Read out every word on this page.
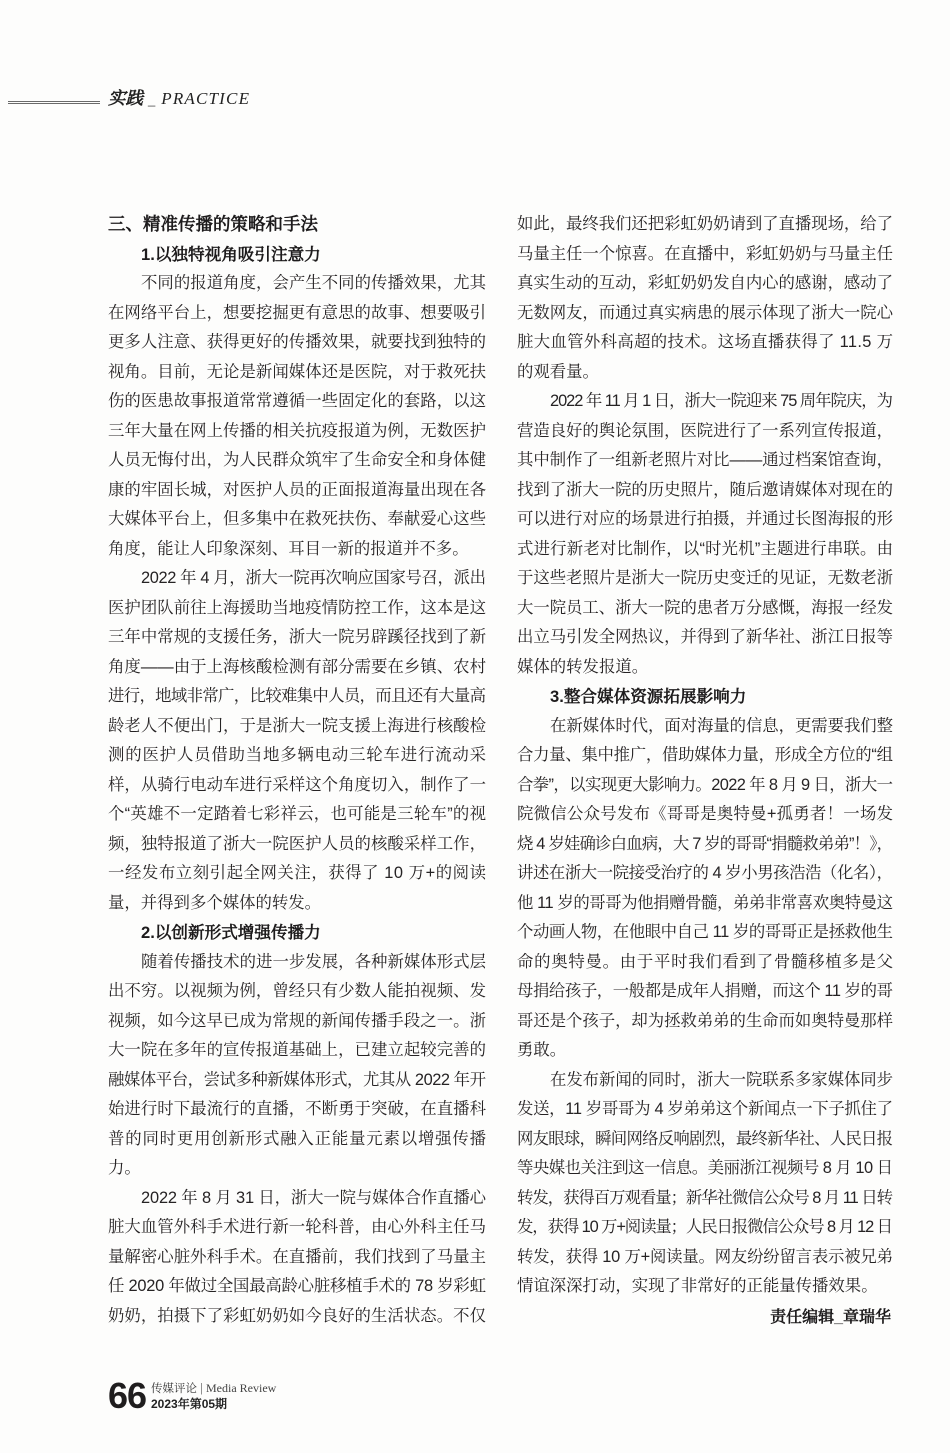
实践 _ PRACTICE
三、精准传播的策略和手法
1.以独特视角吸引注意力
不同的报道角度，会产生不同的传播效果，尤其
在网络平台上，想要挖掘更有意思的故事、想要吸引
更多人注意、获得更好的传播效果，就要找到独特的
视角。目前，无论是新闻媒体还是医院，对于救死扶
伤的医患故事报道常常遵循一些固定化的套路，以这
三年大量在网上传播的相关抗疫报道为例，无数医护
人员无悔付出，为人民群众筑牢了生命安全和身体健
康的牢固长城，对医护人员的正面报道海量出现在各
大媒体平台上，但多集中在救死扶伤、奉献爱心这些
角度，能让人印象深刻、耳目一新的报道并不多。
2022 年 4 月，浙大一院再次响应国家号召，派出
医护团队前往上海援助当地疫情防控工作，这本是这
三年中常规的支援任务，浙大一院另辟蹊径找到了新
角度——由于上海核酸检测有部分需要在乡镇、农村
进行，地域非常广，比较难集中人员，而且还有大量高
龄老人不便出门，于是浙大一院支援上海进行核酸检
测的医护人员借助当地多辆电动三轮车进行流动采
样，从骑行电动车进行采样这个角度切入，制作了一
个“英雄不一定踏着七彩祥云，也可能是三轮车”的视
频，独特报道了浙大一院医护人员的核酸采样工作，
一经发布立刻引起全网关注，获得了 10 万+的阅读
量，并得到多个媒体的转发。
2.以创新形式增强传播力
随着传播技术的进一步发展，各种新媒体形式层
出不穷。以视频为例，曾经只有少数人能拍视频、发
视频，如今这早已成为常规的新闻传播手段之一。浙
大一院在多年的宣传报道基础上，已建立起较完善的
融媒体平台，尝试多种新媒体形式，尤其从 2022 年开
始进行时下最流行的直播，不断勇于突破，在直播科
普的同时更用创新形式融入正能量元素以增强传播
力。
2022 年 8 月 31 日，浙大一院与媒体合作直播心
脏大血管外科手术进行新一轮科普，由心外科主任马
量解密心脏外科手术。在直播前，我们找到了马量主
任 2020 年做过全国最高龄心脏移植手术的 78 岁彩虹
奶奶，拍摄下了彩虹奶奶如今良好的生活状态。不仅
如此，最终我们还把彩虹奶奶请到了直播现场，给了
马量主任一个惊喜。在直播中，彩虹奶奶与马量主任
真实生动的互动，彩虹奶奶发自内心的感谢，感动了
无数网友，而通过真实病患的展示体现了浙大一院心
脏大血管外科高超的技术。这场直播获得了 11.5 万
的观看量。
2022 年 11 月 1 日，浙大一院迎来 75 周年院庆，为
营造良好的舆论氛围，医院进行了一系列宣传报道，
其中制作了一组新老照片对比——通过档案馆查询，
找到了浙大一院的历史照片，随后邀请媒体对现在的
可以进行对应的场景进行拍摄，并通过长图海报的形
式进行新老对比制作，以“时光机”主题进行串联。由
于这些老照片是浙大一院历史变迁的见证，无数老浙
大一院员工、浙大一院的患者万分感慨，海报一经发
出立马引发全网热议，并得到了新华社、浙江日报等
媒体的转发报道。
3.整合媒体资源拓展影响力
在新媒体时代，面对海量的信息，更需要我们整
合力量、集中推广，借助媒体力量，形成全方位的“组
合拳”，以实现更大影响力。2022 年 8 月 9 日，浙大一
院微信公众号发布《哥哥是奥特曼+孤勇者！一场发
烧 4 岁娃确诊白血病，大 7 岁的哥哥“捐髓救弟弟”！》，
讲述在浙大一院接受治疗的 4 岁小男孩浩浩（化名），
他 11 岁的哥哥为他捐赠骨髓，弟弟非常喜欢奥特曼这
个动画人物，在他眼中自己 11 岁的哥哥正是拯救他生
命的奥特曼。由于平时我们看到了骨髓移植多是父
母捐给孩子，一般都是成年人捐赠，而这个 11 岁的哥
哥还是个孩子，却为拯救弟弟的生命而如奥特曼那样
勇敢。
在发布新闻的同时，浙大一院联系多家媒体同步
发送，11 岁哥哥为 4 岁弟弟这个新闻点一下子抓住了
网友眼球，瞬间网络反响剧烈，最终新华社、人民日报
等央媒也关注到这一信息。美丽浙江视频号 8 月 10 日
转发，获得百万观看量；新华社微信公众号 8 月 11 日转
发，获得 10 万+阅读量；人民日报微信公众号 8 月 12 日
转发，获得 10 万+阅读量。网友纷纷留言表示被兄弟
情谊深深打动，实现了非常好的正能量传播效果。
责任编辑_章瑞华
66 传媒评论 | Media Review
2023年第05期
